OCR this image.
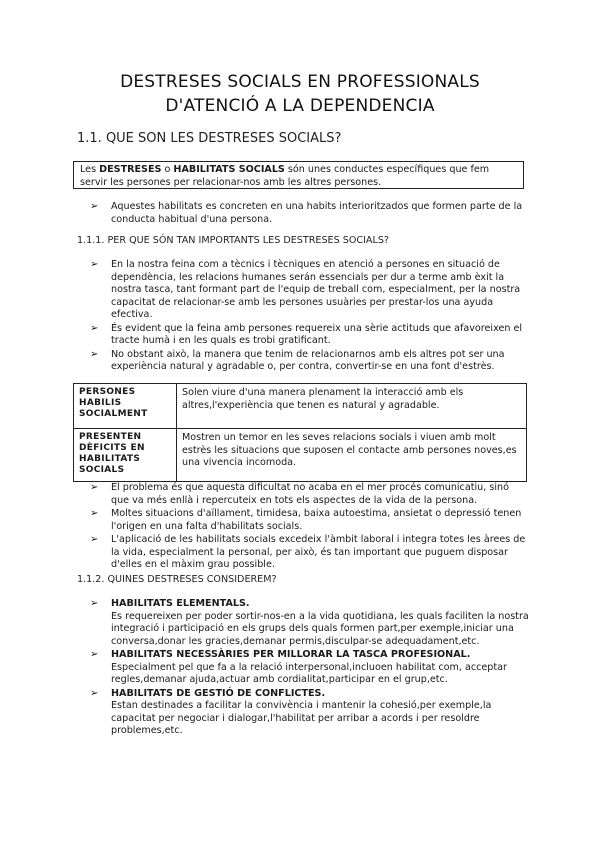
DESTRESES SOCIALS EN PROFESSIONALS
D'ATENCIÓ A LA DEPENDENCIA
1.1. QUE SON LES DESTRESES SOCIALS?
Les DESTRESES o HABILITATS SOCIALS són unes conductes específiques que fem servir les persones per relacionar-nos amb les altres persones.
➢ Aquestes habilitats es concreten en una habits interioritzados que formen parte de la conducta habitual d'una persona.
1.1.1. PER QUE SÓN TAN IMPORTANTS LES DESTRESES SOCIALS?
➢ En la nostra feina com a tècnics i tècniques en atenció a persones en situació de dependència, les relacions humanes serán essencials per dur a terme amb èxit la nostra tasca, tant formant part de l'equip de treball com, especialment, per la nostra capacitat de relacionar-se amb les persones usuàries per prestar-los una ayuda efectiva.
➢ És evident que la feina amb persones requereix una sèrie actituds que afavoreixen el tracte humà i en les quals es trobi gratificant.
➢ No obstant això, la manera que tenim de relacionarnos amb els altres pot ser una experiència natural y agradable o, per contra, convertir-se en una font d'estrès.
PERSONES HABILIS SOCIALMENT	Solen viure d'una manera plenament la interacció amb els altres,l'experiència que tenen es natural y agradable.
PRESENTEN DÈFICITS EN HABILITATS SOCIALS	Mostren un temor en les seves relacions socials i viuen amb molt estrès les situacions que suposen el contacte amb persones noves,es una vivencia incomoda.
➢ El problema és que aquesta dificultat no acaba en el mer procés comunicatiu, sinó que va més enllà i repercuteix en tots els aspectes de la vida de la persona.
➢ Moltes situacions d'aïllament, timidesa, baixa autoestima, ansietat o depressió tenen l'origen en una falta d'habilitats socials.
➢ L'aplicació de les habilitats socials excedeix l'àmbit laboral i integra totes les àrees de la vida, especialment la personal, per això, és tan important que puguem disposar d'elles en el màxim grau possible.
1.1.2. QUINES DESTRESES CONSIDEREM?
➢ HABILITATS ELEMENTALS.
Es requereixen per poder sortir-nos-en a la vida quotidiana, les quals faciliten la nostra integració i participació en els grups dels quals formen part,per exemple,iniciar una conversa,donar les gracies,demanar permis,disculpar-se adequadament,etc.
➢ HABILITATS NECESSÀRIES PER MILLORAR LA TASCA PROFESIONAL.
Especialment pel que fa a la relació interpersonal,incluoen habilitat com, acceptar regles,demanar ajuda,actuar amb cordialitat,participar en el grup,etc.
➢ HABILITATS DE GESTIÓ DE CONFLICTES.
Estan destinades a facilitar la convivència i mantenir la cohesió,per exemple,la capacitat per negociar i dialogar,l'habilitat per arribar a acords i per resoldre problemes,etc.
